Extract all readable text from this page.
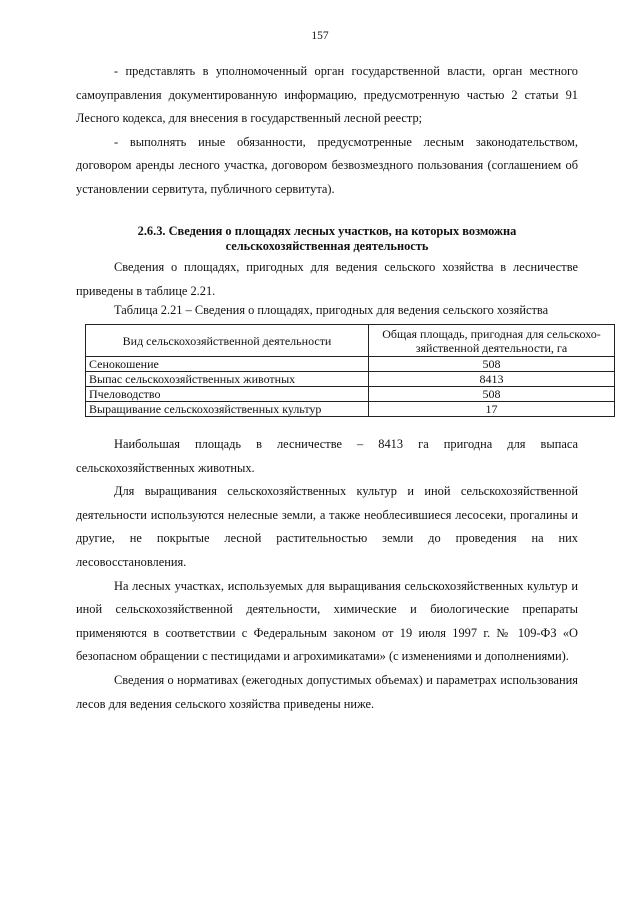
157

- представлять в уполномоченный орган государственной власти, орган местного самоуправления документированную информацию, предусмотренную частью 2 статьи 91 Лесного кодекса, для внесения в государственный лесной реестр;

- выполнять иные обязанности, предусмотренные лесным законодательством, договором аренды лесного участка, договором безвозмездного пользования (соглашением об установлении сервитута, публичного сервитута).

2.6.3. Сведения о площадях лесных участков, на которых возможна
сельскохозяйственная деятельность

Сведения о площадях, пригодных для ведения сельского хозяйства в лесничестве приведены в таблице 2.21.

Таблица 2.21 – Сведения о площадях, пригодных для ведения сельского хозяйства
Вид сельскохозяйственной деятельности	Общая площадь, пригодная для сельскохо-зяйственной деятельности, га
Сенокошение	508
Выпас сельскохозяйственных животных	8413
Пчеловодство	508
Выращивание сельскохозяйственных культур	17

Наибольшая площадь в лесничестве – 8413 га пригодна для выпаса сельскохозяйственных животных.

Для выращивания сельскохозяйственных культур и иной сельскохозяйственной деятельности используются нелесные земли, а также необлесившиеся лесосеки, прогалины и другие, не покрытые лесной растительностью земли до проведения на них лесовосстановления.

На лесных участках, используемых для выращивания сельскохозяйственных культур и иной сельскохозяйственной деятельности, химические и биологические препараты применяются в соответствии с Федеральным законом от 19 июля 1997 г. № 109-ФЗ «О безопасном обращении с пестицидами и агрохимикатами» (с изменениями и дополнениями).

Сведения о нормативах (ежегодных допустимых объемах) и параметрах использования лесов для ведения сельского хозяйства приведены ниже.
